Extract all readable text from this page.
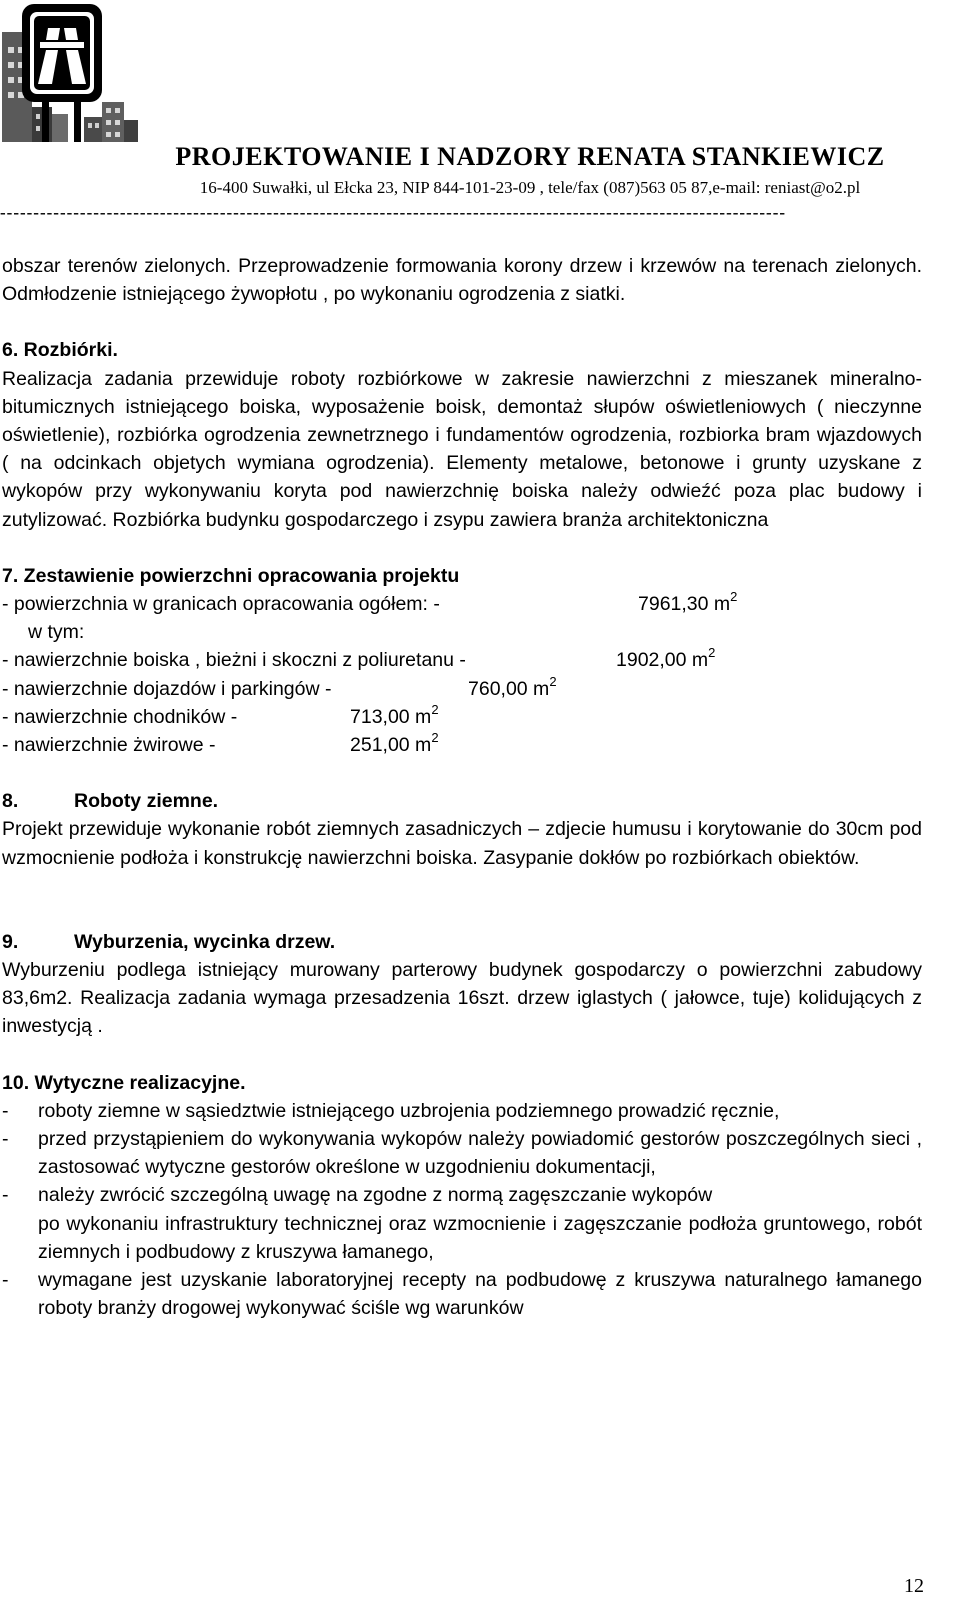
PROJEKTOWANIE I NADZORY RENATA STANKIEWICZ
16-400 Suwałki, ul Ełcka 23, NIP 844-101-23-09 , tele/fax (087)563 05 87,e-mail: reniast@o2.pl
----------------------------------------------------------------------------------------------------------------------

obszar terenów zielonych. Przeprowadzenie formowania korony drzew i krzewów na terenach zielonych. Odmłodzenie istniejącego żywopłotu , po wykonaniu ogrodzenia z siatki.

6. Rozbiórki.

Realizacja zadania przewiduje roboty rozbiórkowe w zakresie nawierzchni z mieszanek mineralno-bitumicznych istniejącego boiska, wyposażenie boisk, demontaż słupów oświetleniowych ( nieczynne oświetlenie), rozbiórka ogrodzenia zewnetrznego i fundamentów ogrodzenia, rozbiorka bram wjazdowych ( na odcinkach objetych wymiana ogrodzenia). Elementy metalowe, betonowe i grunty uzyskane z wykopów przy wykonywaniu koryta pod nawierzchnię boiska należy odwieźć poza plac budowy i zutylizować. Rozbiórka budynku gospodarczego i zsypu zawiera branża architektoniczna

7. Zestawienie powierzchni opracowania projektu

- powierzchnia w granicach opracowania ogółem: -	7961,30 $m^2$

w tym:

- nawierzchnie boiska , bieżni i skoczni z poliuretanu -	1902,00 $m^2$
- nawierzchnie dojazdów i parkingów -	760,00 $m^2$
- nawierzchnie chodników -	713,00 $m^2$
- nawierzchnie żwirowe -	251,00 $m^2$

8.	Roboty ziemne.

Projekt przewiduje wykonanie robót ziemnych zasadniczych – zdjecie humusu i korytowanie do 30cm pod wzmocnienie podłoża i konstrukcję nawierzchni boiska. Zasypanie dokłów po rozbiórkach obiektów.

9.	Wyburzenia, wycinka drzew.

Wyburzeniu podlega istniejący murowany parterowy budynek gospodarczy o powierzchni zabudowy 83,6m2. Realizacja zadania wymaga przesadzenia 16szt. drzew iglastych ( jałowce, tuje) kolidujących z inwestycją .

10. Wytyczne realizacyjne.

- roboty ziemne w sąsiedztwie istniejącego uzbrojenia podziemnego prowadzić ręcznie,
- przed przystąpieniem do wykonywania wykopów należy powiadomić gestorów poszczególnych sieci , zastosować wytyczne gestorów określone w uzgodnieniu dokumentacji,
- należy zwrócić szczególną uwagę na zgodne z normą zagęszczanie wykopów

po wykonaniu infrastruktury technicznej oraz wzmocnienie i zagęszczanie podłoża gruntowego, robót ziemnych i podbudowy z kruszywa łamanego,

- wymagane jest uzyskanie laboratoryjnej recepty na podbudowę z kruszywa naturalnego łamanego roboty branży drogowej wykonywać ściśle wg warunków
12
